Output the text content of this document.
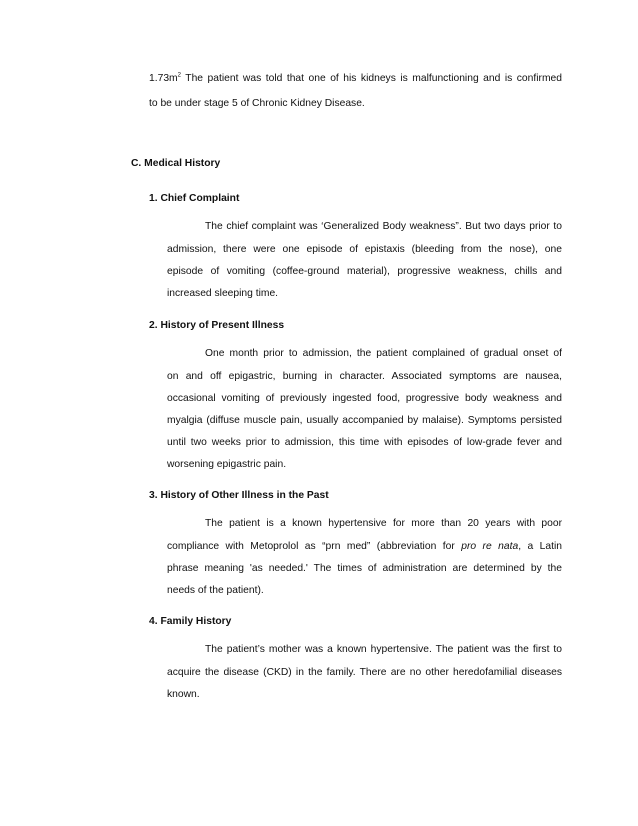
$1.73m^2$ The patient was told that one of his kidneys is malfunctioning and is confirmed
to be under stage 5 of Chronic Kidney Disease.
C. Medical History
1. Chief Complaint
The chief complaint was ‘Generalized Body weakness”. But two days prior to
admission, there were one episode of epistaxis (bleeding from the nose), one
episode of vomiting (coffee-ground material), progressive weakness, chills and
increased sleeping time.
2. History of Present Illness
One month prior to admission, the patient complained of gradual onset of
on and off epigastric, burning in character. Associated symptoms are nausea,
occasional vomiting of previously ingested food, progressive body weakness and
myalgia (diffuse muscle pain, usually accompanied by malaise). Symptoms persisted
until two weeks prior to admission, this time with episodes of low-grade fever and
worsening epigastric pain.
3. History of Other Illness in the Past
The patient is a known hypertensive for more than 20 years with poor
compliance with Metoprolol as “prn med” (abbreviation for pro re nata, a Latin
phrase meaning 'as needed.' The times of administration are determined by the
needs of the patient).
4. Family History
The patient’s mother was a known hypertensive. The patient was the first to
acquire the disease (CKD) in the family. There are no other heredofamilial diseases
known.
